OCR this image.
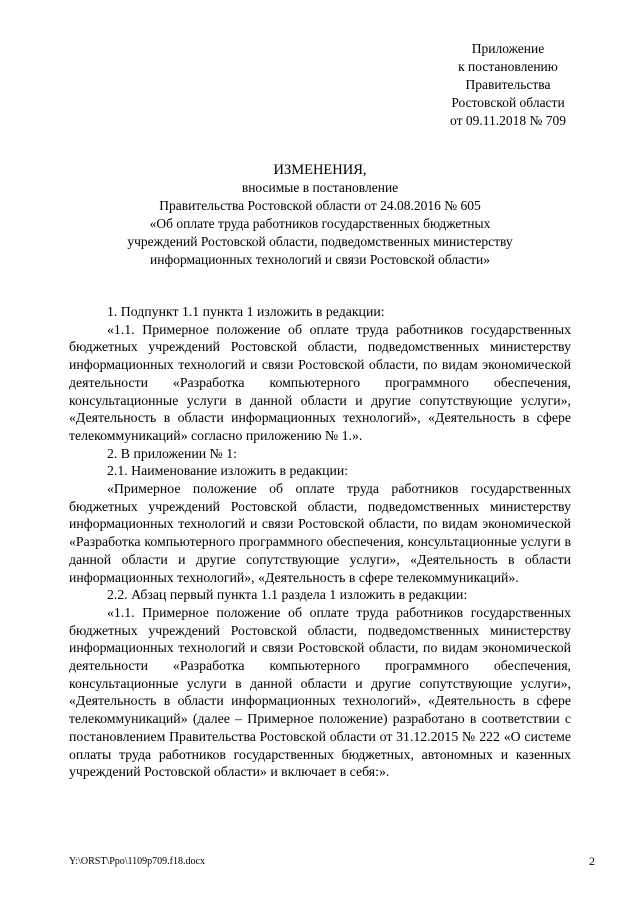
Приложение
к постановлению
Правительства
Ростовской области
от 09.11.2018 № 709
ИЗМЕНЕНИЯ,
вносимые в постановление
Правительства Ростовской области от 24.08.2016 № 605
«Об оплате труда работников государственных бюджетных
учреждений Ростовской области, подведомственных министерству
информационных технологий и связи Ростовской области»

1. Подпункт 1.1 пункта 1 изложить в редакции:

«1.1. Примерное положение об оплате труда работников государственных бюджетных учреждений Ростовской области, подведомственных министерству информационных технологий и связи Ростовской области, по видам экономической деятельности «Разработка компьютерного программного обеспечения, консультационные услуги в данной области и другие сопутствующие услуги», «Деятельность в области информационных технологий», «Деятельность в сфере телекоммуникаций» согласно приложению № 1.».

2. В приложении № 1:

2.1. Наименование изложить в редакции:

«Примерное положение об оплате труда работников государственных бюджетных учреждений Ростовской области, подведомственных министерству информационных технологий и связи Ростовской области, по видам экономической «Разработка компьютерного программного обеспечения, консультационные услуги в данной области и другие сопутствующие услуги», «Деятельность в области информационных технологий», «Деятельность в сфере телекоммуникаций».

2.2. Абзац первый пункта 1.1 раздела 1 изложить в редакции:

«1.1. Примерное положение об оплате труда работников государственных бюджетных учреждений Ростовской области, подведомственных министерству информационных технологий и связи Ростовской области, по видам экономической деятельности «Разработка компьютерного программного обеспечения, консультационные услуги в данной области и другие сопутствующие услуги», «Деятельность в области информационных технологий», «Деятельность в сфере телекоммуникаций» (далее – Примерное положение) разработано в соответствии с постановлением Правительства Ростовской области от 31.12.2015 № 222 «О системе оплаты труда работников государственных бюджетных, автономных и казенных учреждений Ростовской области» и включает в себя:».

Y:\ORST\Ppo\1109p709.f18.docx	2
